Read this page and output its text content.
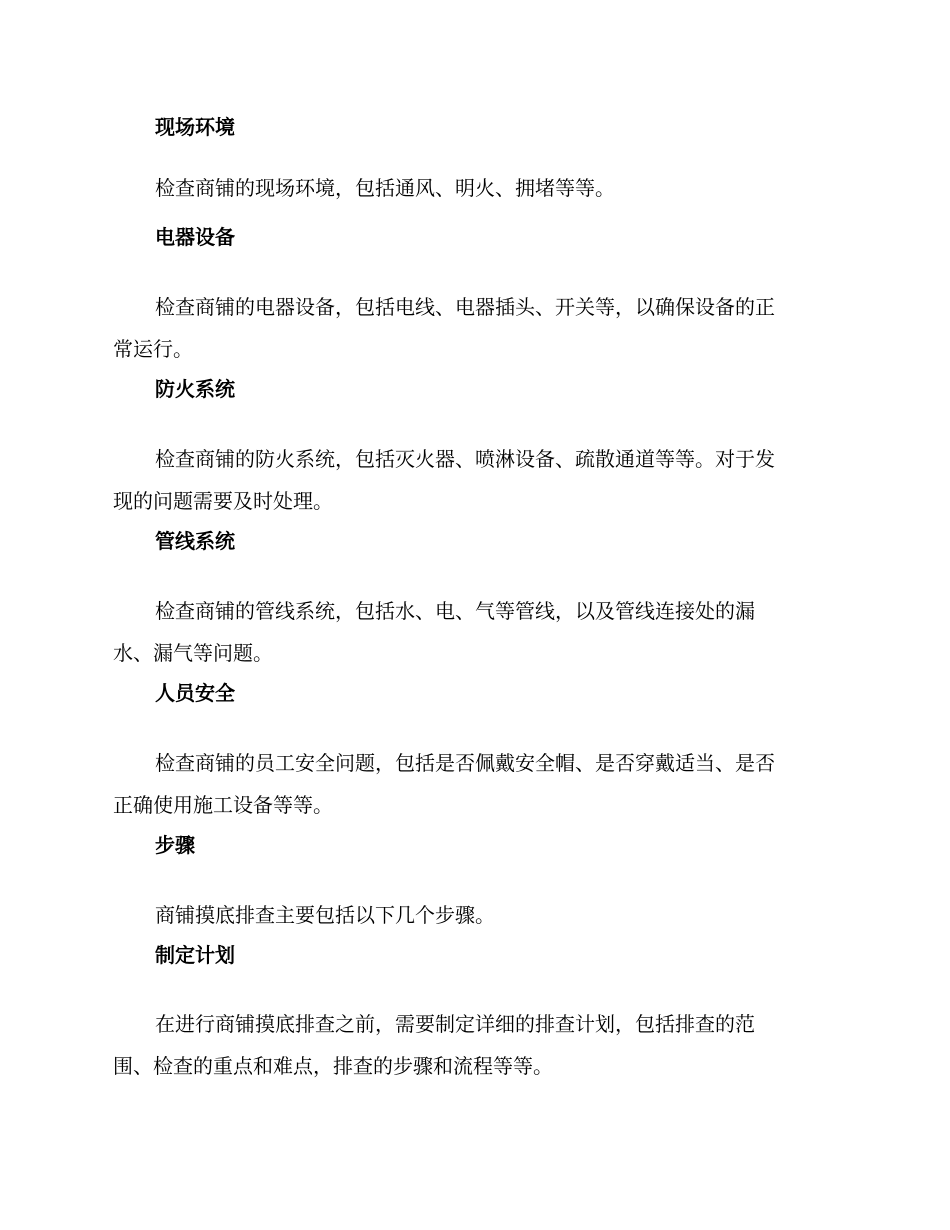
现场环境

检查商铺的现场环境，包括通风、明火、拥堵等等。

电器设备

检查商铺的电器设备，包括电线、电器插头、开关等，以确保设备的正
常运行。

防火系统

检查商铺的防火系统，包括灭火器、喷淋设备、疏散通道等等。对于发
现的问题需要及时处理。

管线系统

检查商铺的管线系统，包括水、电、气等管线，以及管线连接处的漏
水、漏气等问题。

人员安全

检查商铺的员工安全问题，包括是否佩戴安全帽、是否穿戴适当、是否
正确使用施工设备等等。

步骤

商铺摸底排查主要包括以下几个步骤。

制定计划

在进行商铺摸底排查之前，需要制定详细的排查计划，包括排查的范
围、检查的重点和难点，排查的步骤和流程等等。
